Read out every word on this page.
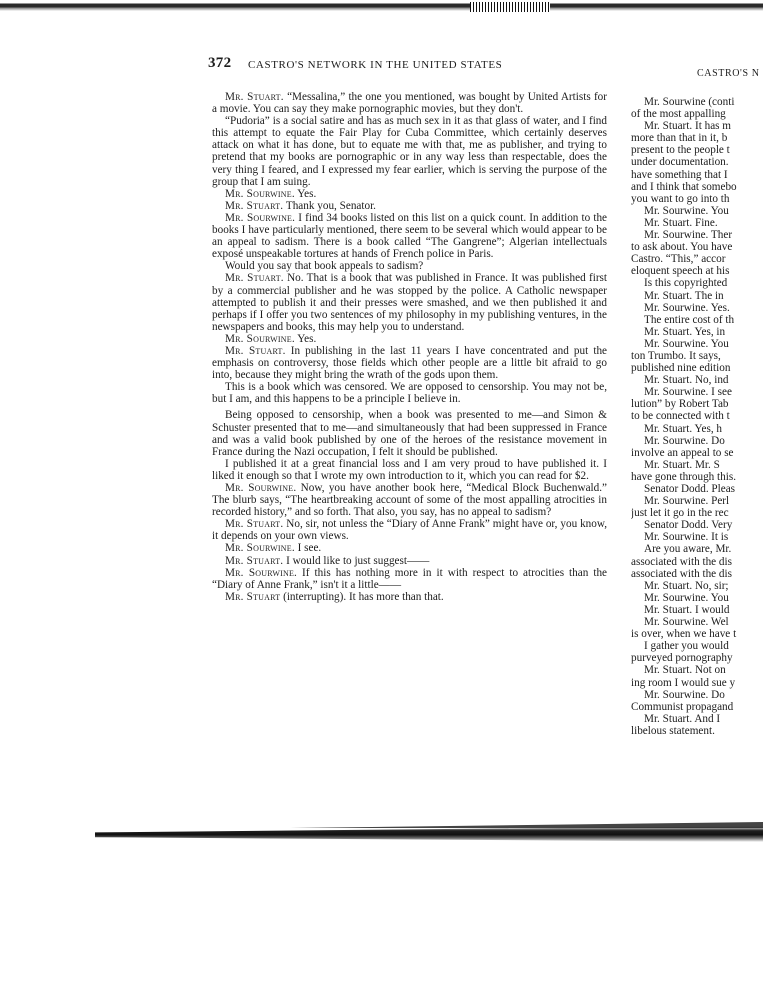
372 CASTRO'S NETWORK IN THE UNITED STATES
CASTRO'S N

Mr. Stuart. “Messalina,” the one you mentioned, was bought by United Artists for a movie. You can say they make pornographic movies, but they don't.

“Pudoria” is a social satire and has as much sex in it as that glass of water, and I find this attempt to equate the Fair Play for Cuba Committee, which certainly deserves attack on what it has done, but to equate me with that, me as publisher, and trying to pretend that my books are pornographic or in any way less than respectable, does the very thing I feared, and I expressed my fear earlier, which is serving the purpose of the group that I am suing.

Mr. Sourwine. Yes.

Mr. Stuart. Thank you, Senator.

Mr. Sourwine. I find 34 books listed on this list on a quick count. In addition to the books I have particularly mentioned, there seem to be several which would appear to be an appeal to sadism. There is a book called “The Gangrene”; Algerian intellectuals exposé unspeakable tortures at hands of French police in Paris.

Would you say that book appeals to sadism?

Mr. Stuart. No. That is a book that was published in France. It was published first by a commercial publisher and he was stopped by the police. A Catholic newspaper attempted to publish it and their presses were smashed, and we then published it and perhaps if I offer you two sentences of my philosophy in my publishing ventures, in the newspapers and books, this may help you to understand.

Mr. Sourwine. Yes.

Mr. Stuart. In publishing in the last 11 years I have concentrated and put the emphasis on controversy, those fields which other people are a little bit afraid to go into, because they might bring the wrath of the gods upon them.

This is a book which was censored. We are opposed to censorship. You may not be, but I am, and this happens to be a principle I believe in.

Being opposed to censorship, when a book was presented to me—and Simon & Schuster presented that to me—and simultaneously that had been suppressed in France and was a valid book published by one of the heroes of the resistance movement in France during the Nazi occupation, I felt it should be published.

I published it at a great financial loss and I am very proud to have published it. I liked it enough so that I wrote my own introduction to it, which you can read for $2.

Mr. Sourwine. Now, you have another book here, “Medical Block Buchenwald.” The blurb says, “The heartbreaking account of some of the most appalling atrocities in recorded history,” and so forth. That also, you say, has no appeal to sadism?

Mr. Stuart. No, sir, not unless the “Diary of Anne Frank” might have or, you know, it depends on your own views.

Mr. Sourwine. I see.

Mr. Stuart. I would like to just suggest——

Mr. Sourwine. If this has nothing more in it with respect to atrocities than the “Diary of Anne Frank,” isn't it a little——

Mr. Stuart (interrupting). It has more than that.

Mr. Sourwine (conti
of the most appalling
Mr. Stuart. It has m
more than that in it, b
present to the people t
under documentation.
have something that I
and I think that somebo
you want to go into th
Mr. Sourwine. You
Mr. Stuart. Fine.
Mr. Sourwine. Ther
to ask about. You have
Castro. “This,” accor
eloquent speech at his
Is this copyrighted
Mr. Stuart. The in
Mr. Sourwine. Yes.
The entire cost of th
Mr. Stuart. Yes, in
Mr. Sourwine. You
ton Trumbo. It says,
published nine edition
Mr. Stuart. No, ind
Mr. Sourwine. I see
lution” by Robert Tab
to be connected with t
Mr. Stuart. Yes, h
Mr. Sourwine. Do
involve an appeal to se
Mr. Stuart. Mr. S
have gone through this.
Senator Dodd. Pleas
Mr. Sourwine. Perl
just let it go in the rec
Senator Dodd. Very
Mr. Sourwine. It is
Are you aware, Mr.
associated with the dis
associated with the dis
Mr. Stuart. No, sir;
Mr. Sourwine. You
Mr. Stuart. I would
Mr. Sourwine. Wel
is over, when we have t
I gather you would
purveyed pornography
Mr. Stuart. Not on
ing room I would sue y
Mr. Sourwine. Do
Communist propagand
Mr. Stuart. And I
libelous statement.
